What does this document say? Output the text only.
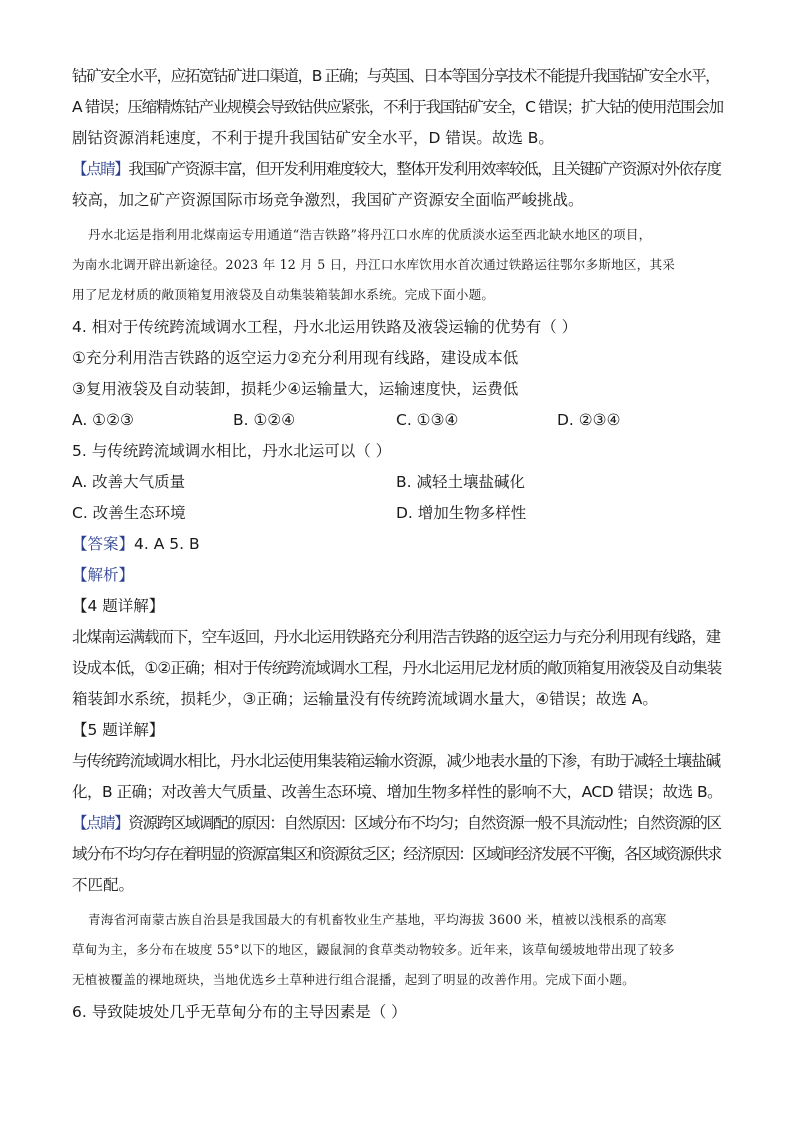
钴矿安全水平，应拓宽钴矿进口渠道，B 正确；与英国、日本等国分享技术不能提升我国钴矿安全水平，
A 错误；压缩精炼钴产业规模会导致钴供应紧张，不利于我国钴矿安全，C 错误；扩大钴的使用范围会加
剧钴资源消耗速度，不利于提升我国钴矿安全水平，D 错误。故选 B。
【点睛】我国矿产资源丰富，但开发利用难度较大，整体开发利用效率较低，且关键矿产资源对外依存度
较高，加之矿产资源国际市场竞争激烈，我国矿产资源安全面临严峻挑战。
丹水北运是指利用北煤南运专用通道“浩吉铁路”将丹江口水库的优质淡水运至西北缺水地区的项目，
为南水北调开辟出新途径。2023 年 12 月 5 日，丹江口水库饮用水首次通过铁路运往鄂尔多斯地区，其采
用了尼龙材质的敞顶箱复用液袋及自动集装箱装卸水系统。完成下面小题。
4. 相对于传统跨流域调水工程，丹水北运用铁路及液袋运输的优势有（ ）
①充分利用浩吉铁路的返空运力②充分利用现有线路，建设成本低
③复用液袋及自动装卸，损耗少④运输量大，运输速度快，运费低
A. ①②③	B. ①②④	C. ①③④	D. ②③④
5. 与传统跨流域调水相比，丹水北运可以（ ）
A. 改善大气质量	B. 减轻土壤盐碱化
C. 改善生态环境	D. 增加生物多样性
【答案】4. A 5. B
【解析】
【4 题详解】
北煤南运满载而下，空车返回，丹水北运用铁路充分利用浩吉铁路的返空运力与充分利用现有线路，建
设成本低，①②正确；相对于传统跨流域调水工程，丹水北运用尼龙材质的敞顶箱复用液袋及自动集装
箱装卸水系统，损耗少，③正确；运输量没有传统跨流域调水量大，④错误；故选 A。
【5 题详解】
与传统跨流域调水相比，丹水北运使用集装箱运输水资源，减少地表水量的下渗，有助于减轻土壤盐碱
化，B 正确；对改善大气质量、改善生态环境、增加生物多样性的影响不大，ACD 错误；故选 B。
【点睛】资源跨区域调配的原因：自然原因：区域分布不均匀；自然资源一般不具流动性；自然资源的区
域分布不均匀存在着明显的资源富集区和资源贫乏区；经济原因：区域间经济发展不平衡，各区域资源供求
不匹配。
青海省河南蒙古族自治县是我国最大的有机畜牧业生产基地，平均海拔 3600 米，植被以浅根系的高寒
草甸为主，多分布在坡度 55°以下的地区，鼹鼠洞的食草类动物较多。近年来，该草甸缓坡地带出现了较多
无植被覆盖的裸地斑块，当地优选乡土草种进行组合混播，起到了明显的改善作用。完成下面小题。
6. 导致陡坡处几乎无草甸分布的主导因素是（ ）
